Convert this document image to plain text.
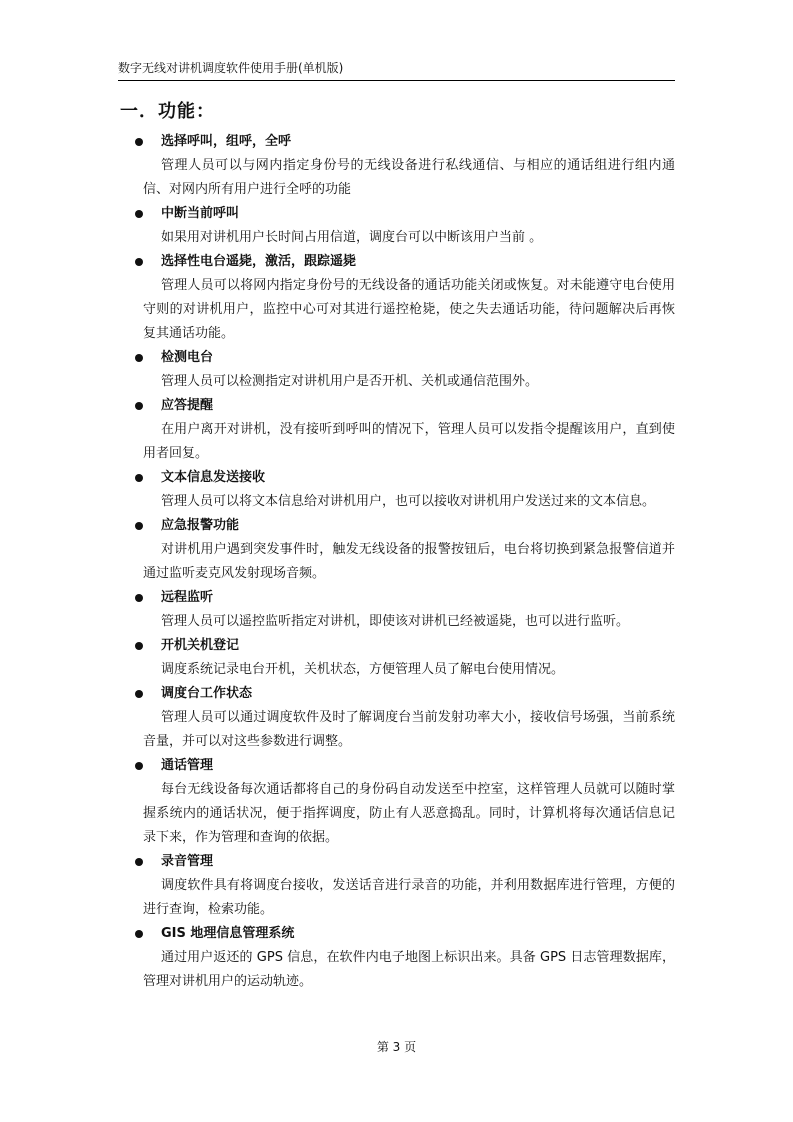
数字无线对讲机调度软件使用手册(单机版)
一．功能：
选择呼叫，组呼，全呼

管理人员可以与网内指定身份号的无线设备进行私线通信、与相应的通话组进行组内通信、对网内所有用户进行全呼的功能

中断当前呼叫

如果用对讲机用户长时间占用信道，调度台可以中断该用户当前 。

选择性电台遥毙，激活，跟踪遥毙

管理人员可以将网内指定身份号的无线设备的通话功能关闭或恢复。对未能遵守电台使用守则的对讲机用户，监控中心可对其进行遥控枪毙，使之失去通话功能，待问题解决后再恢复其通话功能。

检测电台

管理人员可以检测指定对讲机用户是否开机、关机或通信范围外。

应答提醒

在用户离开对讲机，没有接听到呼叫的情况下，管理人员可以发指令提醒该用户，直到使用者回复。

文本信息发送接收

管理人员可以将文本信息给对讲机用户，也可以接收对讲机用户发送过来的文本信息。

应急报警功能

对讲机用户遇到突发事件时，触发无线设备的报警按钮后，电台将切换到紧急报警信道并通过监听麦克风发射现场音频。

远程监听

管理人员可以遥控监听指定对讲机，即使该对讲机已经被遥毙，也可以进行监听。

开机关机登记

调度系统记录电台开机，关机状态，方便管理人员了解电台使用情况。

调度台工作状态

管理人员可以通过调度软件及时了解调度台当前发射功率大小，接收信号场强，当前系统音量，并可以对这些参数进行调整。

通话管理

每台无线设备每次通话都将自己的身份码自动发送至中控室，这样管理人员就可以随时掌握系统内的通话状况，便于指挥调度，防止有人恶意捣乱。同时，计算机将每次通话信息记录下来，作为管理和查询的依据。

录音管理

调度软件具有将调度台接收，发送话音进行录音的功能，并利用数据库进行管理，方便的进行查询，检索功能。

GIS 地理信息管理系统

通过用户返还的 GPS 信息，在软件内电子地图上标识出来。具备 GPS 日志管理数据库，管理对讲机用户的运动轨迹。

第 3 页
